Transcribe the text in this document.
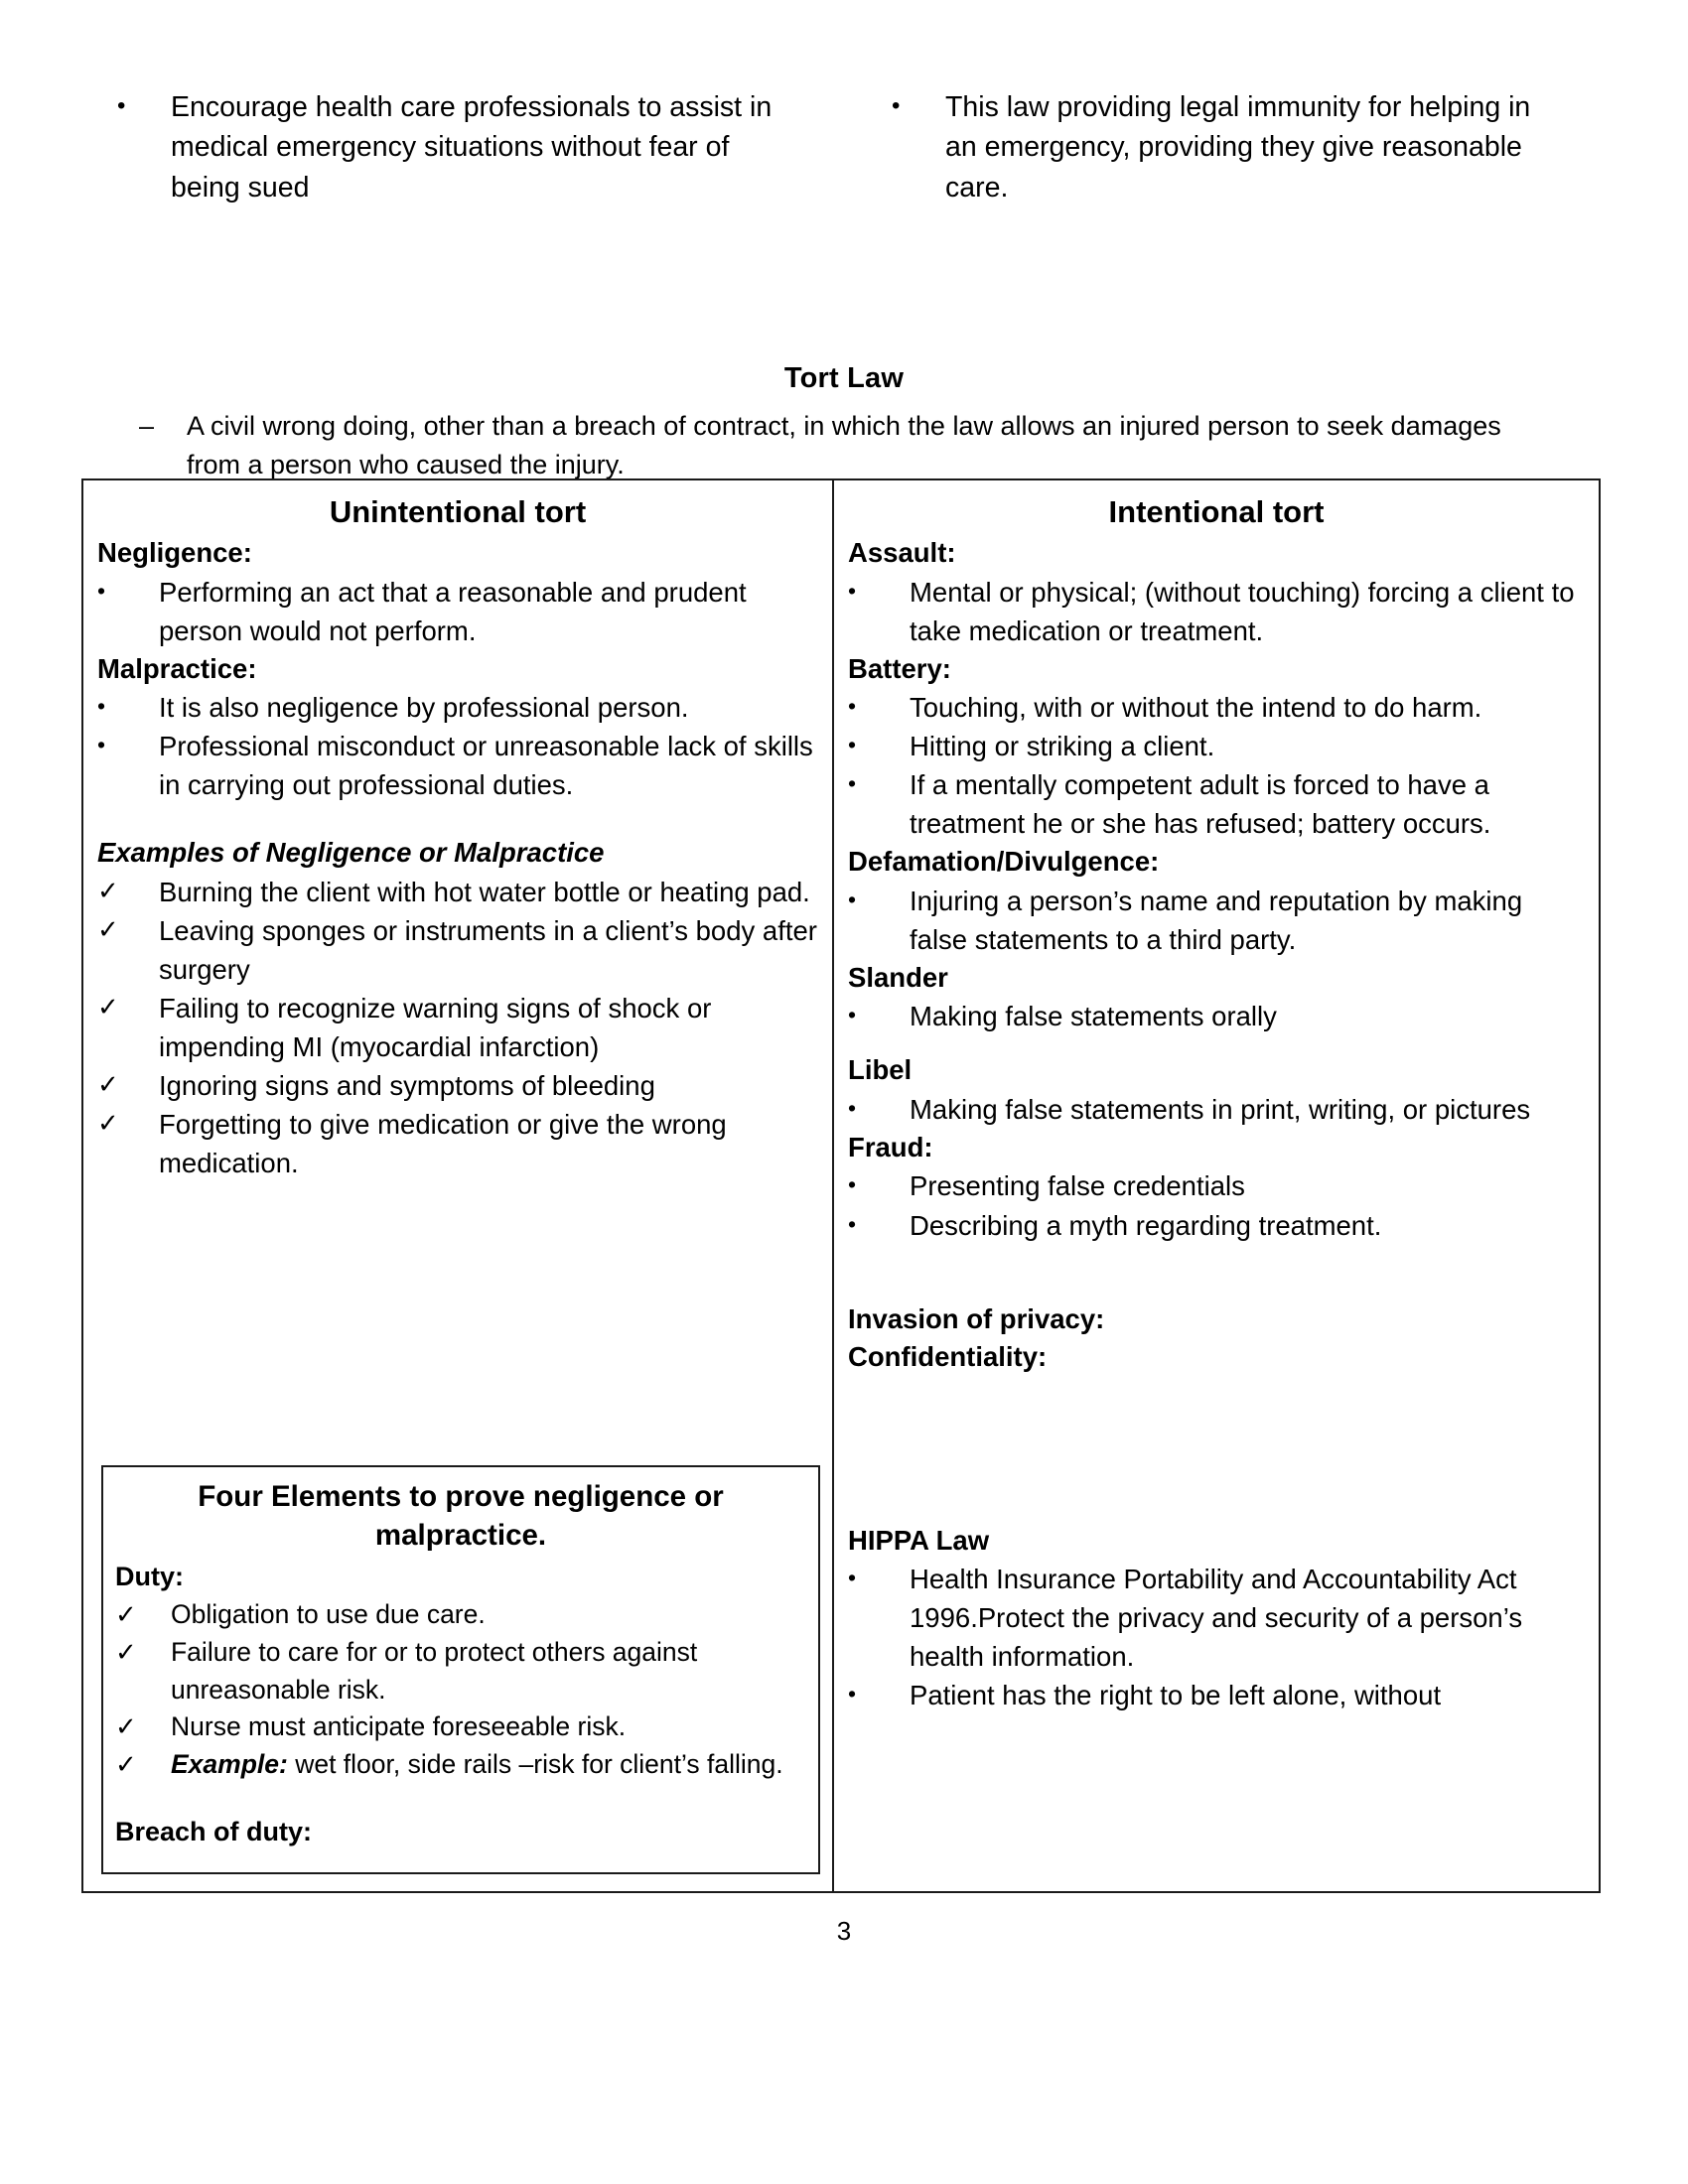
•	Encourage health care professionals to assist in medical emergency situations without fear of being sued
•	This law providing legal immunity for helping in an emergency, providing they give reasonable care.
Tort Law
–	A civil wrong doing, other than a breach of contract, in which the law allows an injured person to seek damages from a person who caused the injury.
Unintentional tort
Negligence:
•	Performing an act that a reasonable and prudent person would not perform.
Malpractice:
•	It is also negligence by professional person.
•	Professional misconduct or unreasonable lack of skills in carrying out professional duties.
Examples of Negligence or Malpractice
✓	Burning the client with hot water bottle or heating pad.
✓	Leaving sponges or instruments in a client’s body after surgery
✓	Failing to recognize warning signs of shock or impending MI (myocardial infarction)
✓	Ignoring signs and symptoms of bleeding
✓	Forgetting to give medication or give the wrong medication.
Four Elements to prove negligence or malpractice.
Duty:
✓	Obligation to use due care.
✓	Failure to care for or to protect others against unreasonable risk.
✓	Nurse must anticipate foreseeable risk.
✓	Example: wet floor, side rails –risk for client’s falling.
Breach of duty:
Intentional tort
Assault:
•	Mental or physical; (without touching) forcing a client to take medication or treatment.
Battery:
•	Touching, with or without the intend to do harm.
•	Hitting or striking a client.
•	If a mentally competent adult is forced to have a treatment he or she has refused; battery occurs.
Defamation/Divulgence:
•	Injuring a person’s name and reputation by making false statements to a third party.
Slander
•	Making false statements orally
Libel
•	Making false statements in print, writing, or pictures
Fraud:
•	Presenting false credentials
•	Describing a myth regarding treatment.
Invasion of privacy:
Confidentiality:
HIPPA Law
•	Health Insurance Portability and Accountability Act 1996.Protect the privacy and security of a person’s health information.
•	Patient has the right to be left alone, without
3
